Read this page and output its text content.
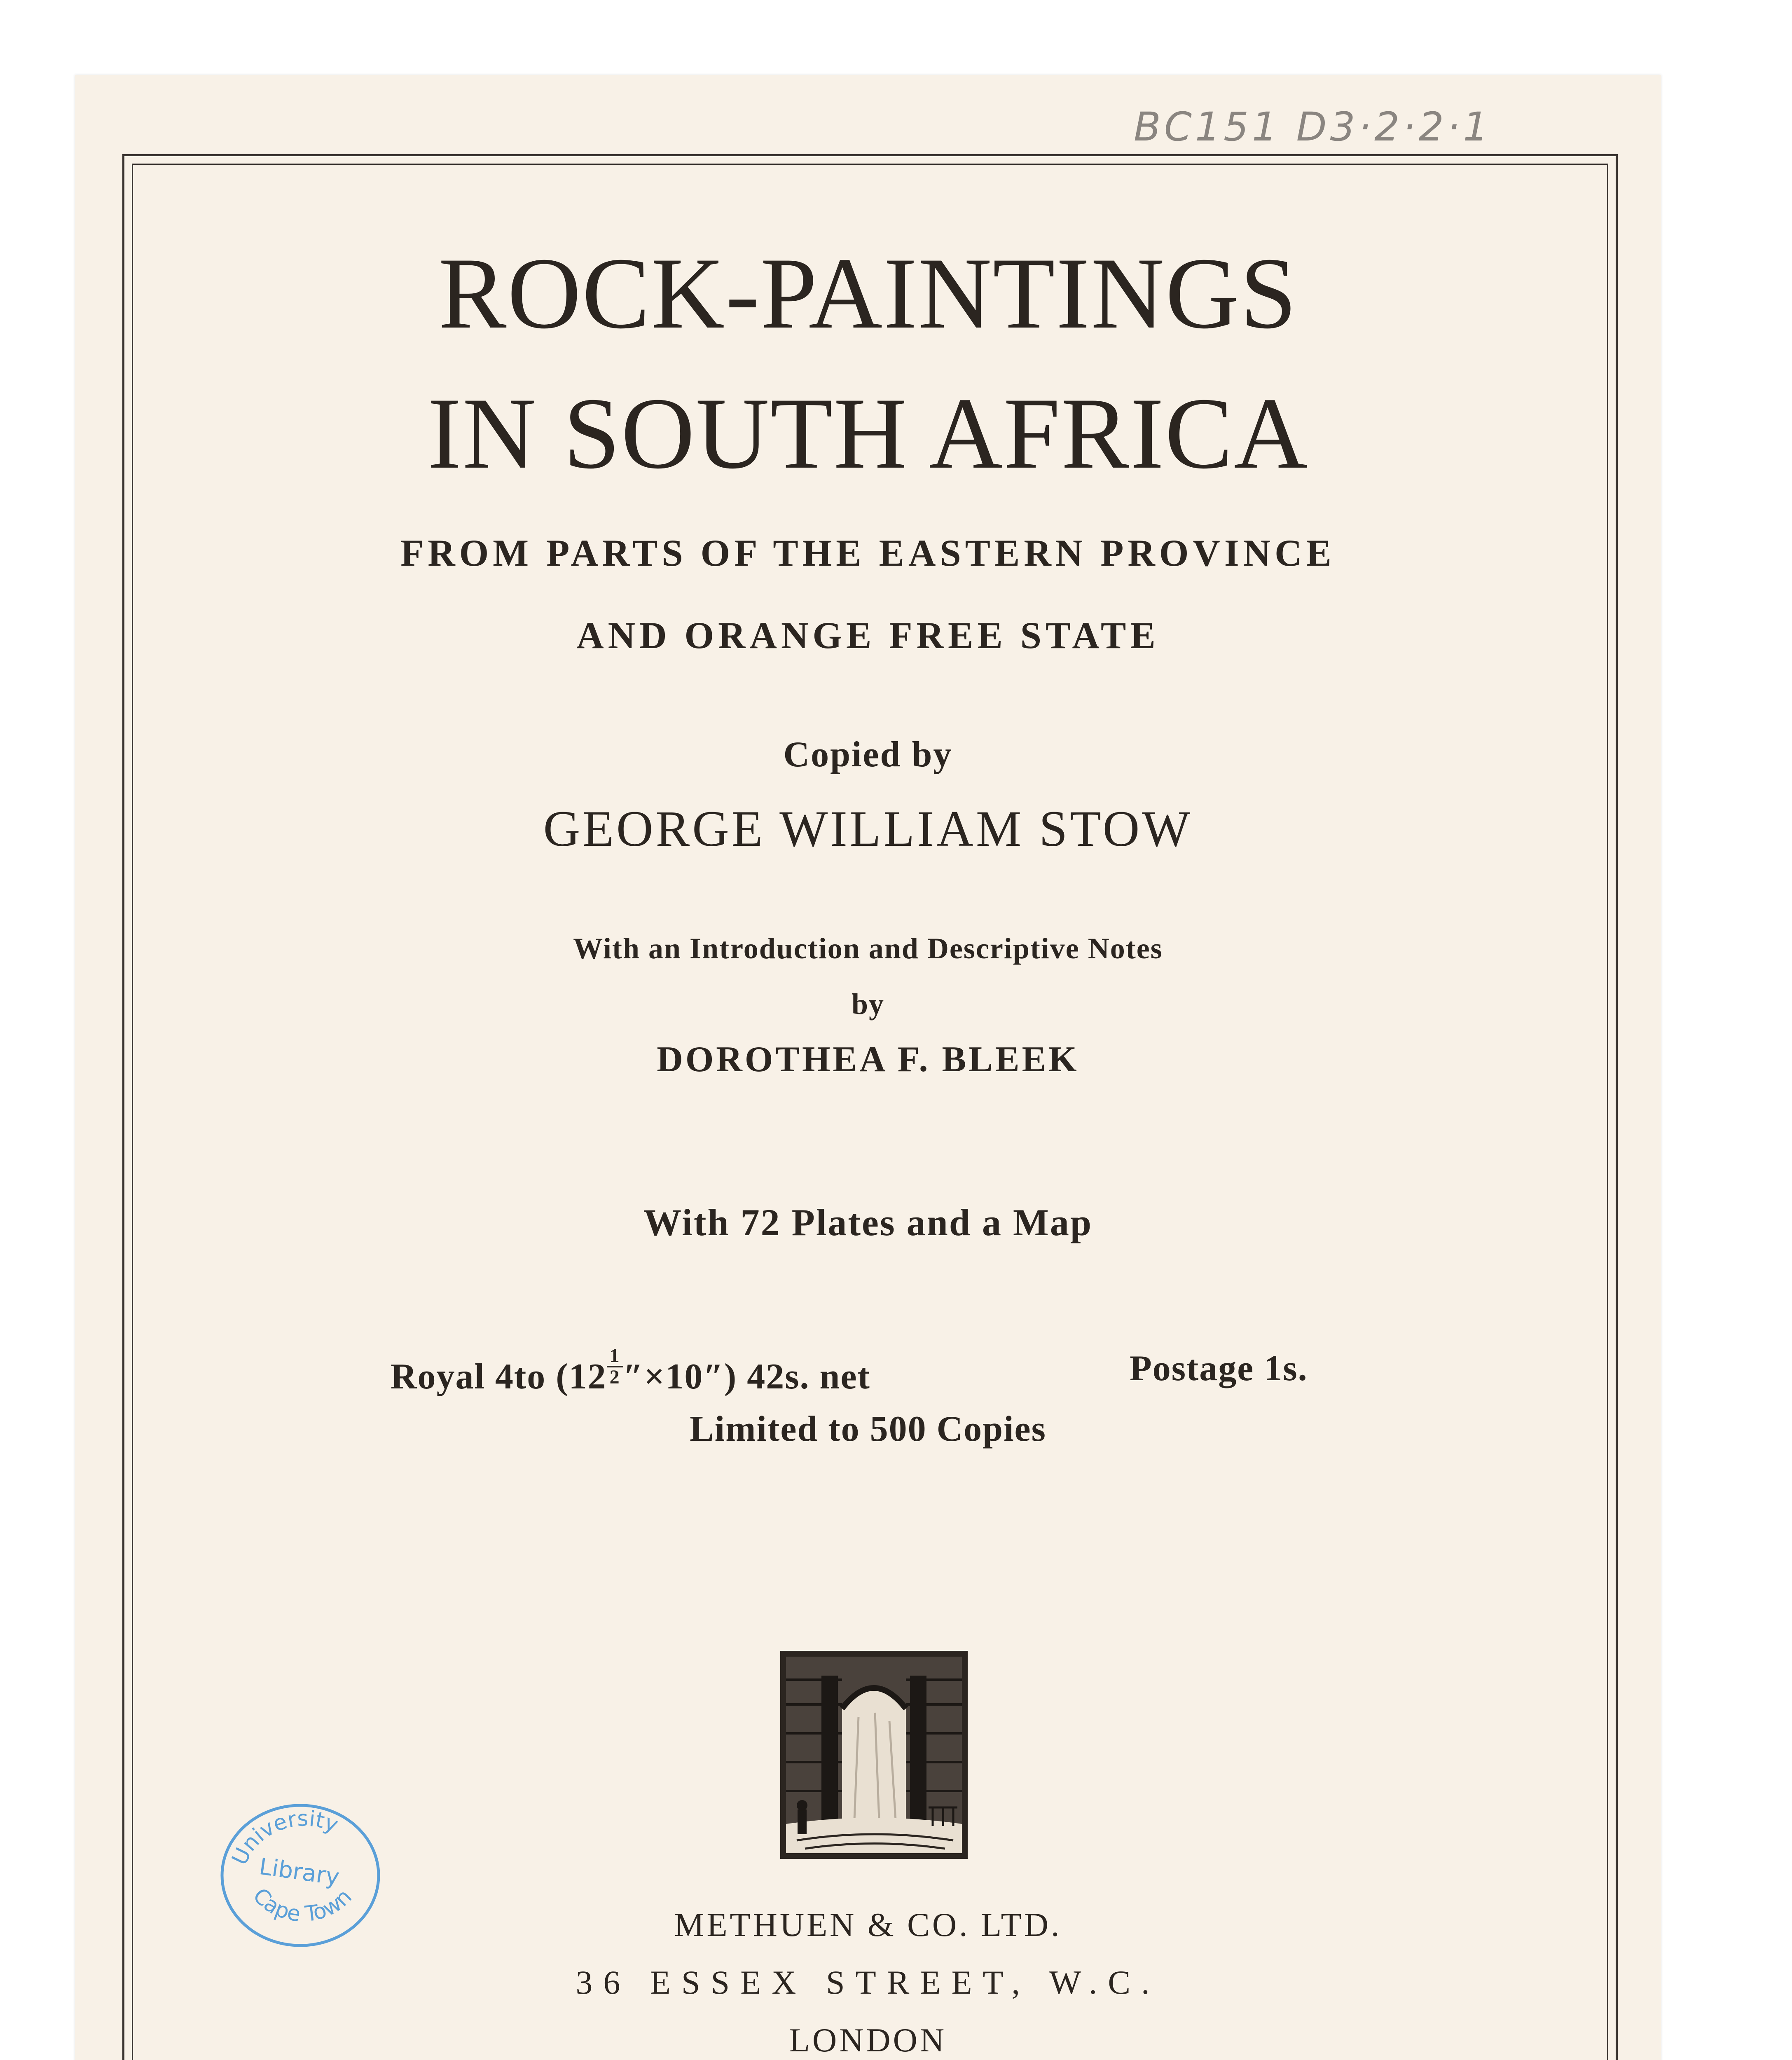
BC151 D3·2·2·1
ROCK-PAINTINGS
IN SOUTH AFRICA
FROM PARTS OF THE EASTERN PROVINCE
AND ORANGE FREE STATE
Copied by
GEORGE WILLIAM STOW
With an Introduction and Descriptive Notes
by
DOROTHEA F. BLEEK
With 72 Plates and a Map
Royal 4to $(12 \frac{1}{2} ''\times 10'')$ 42s. net	Postage 1s.
Limited to 500 Copies
METHUEN & CO. LTD.
36 ESSEX STREET, W.C.
LONDON
University
Library
Cape Town
